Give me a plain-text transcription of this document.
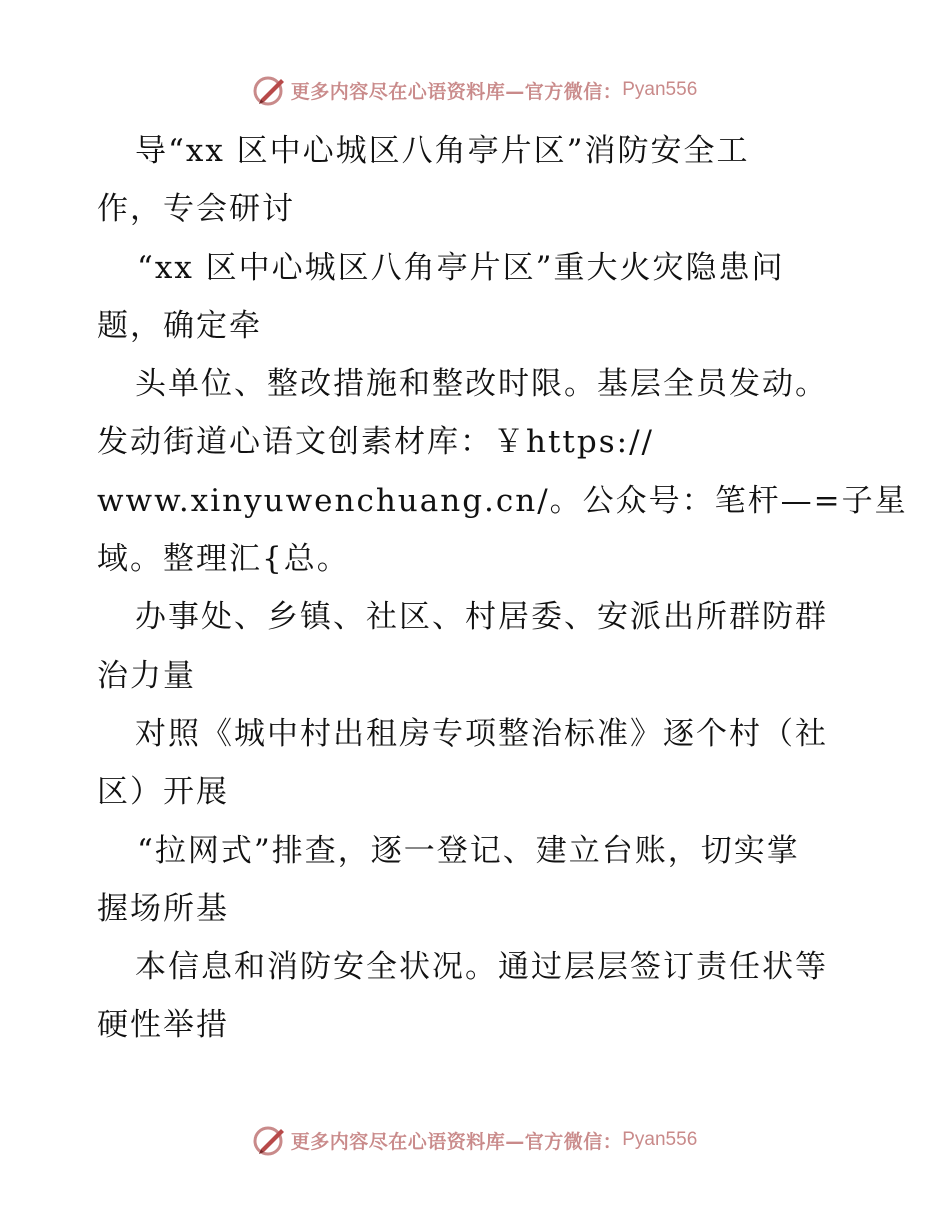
更多内容尽在心语资料库—官方微信： Pyan556
导“xx 区中心城区八角亭片区”消防安全工
作，专会研讨
“xx 区中心城区八角亭片区”重大火灾隐患问
题，确定牵
头单位、整改措施和整改时限。基层全员发动。
发动街道心语文创素材库：￥https://
www.xinyuwenchuang.cn/。公众号：笔杆—=子星
域。整理汇{总。
办事处、乡镇、社区、村居委、安派出所群防群
治力量
对照《城中村出租房专项整治标准》逐个村（社
区）开展
“拉网式”排查，逐一登记、建立台账，切实掌
握场所基
本信息和消防安全状况。通过层层签订责任状等
硬性举措
更多内容尽在心语资料库—官方微信： Pyan556
